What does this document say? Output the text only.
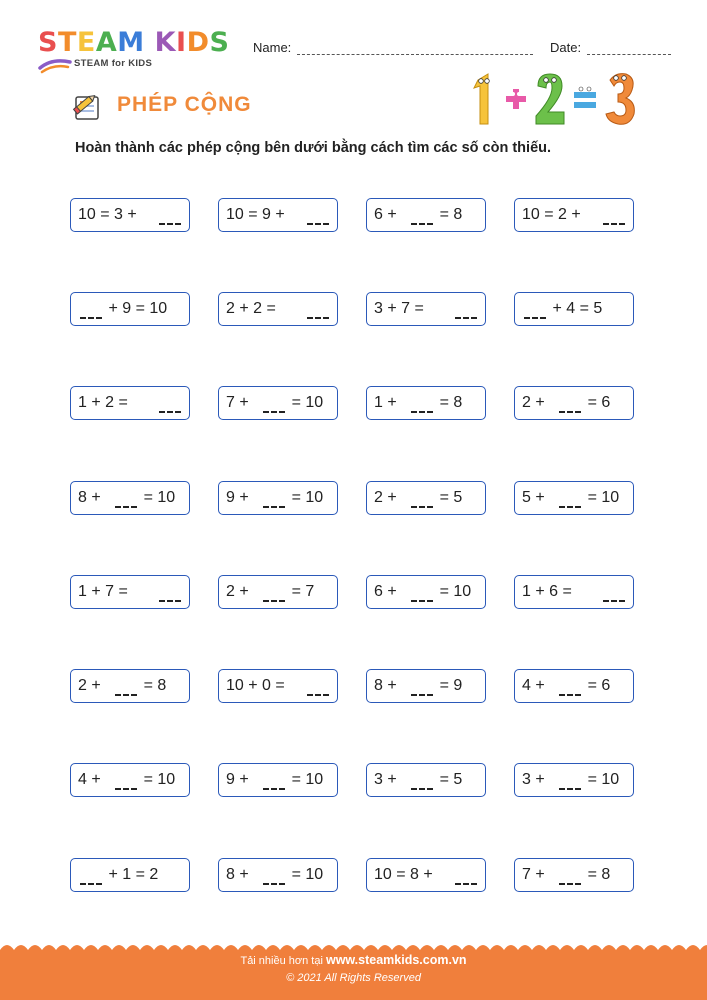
STEAM KIDS
STEAM for KIDS
Name:	Date:
PHÉP CỘNG
Hoàn thành các phép cộng bên dưới bằng cách tìm các số còn thiếu.
10 = 3 +	10 = 9 +	6 + = 8	10 = 2 +
+ 9 = 10	2 + 2 =	3 + 7 =	+ 4 = 5
1 + 2 =	7 + = 10	1 + = 8	2 + = 6
8 + = 10	9 + = 10	2 + = 5	5 + = 10
1 + 7 =	2 + = 7	6 + = 10	1 + 6 =
2 + = 8	10 + 0 =	8 + = 9	4 + = 6
4 + = 10	9 + = 10	3 + = 5	3 + = 10
+ 1 = 2	8 + = 10	10 = 8 +	7 + = 8
Tải nhiều hơn tại www.steamkids.com.vn
© 2021 All Rights Reserved
